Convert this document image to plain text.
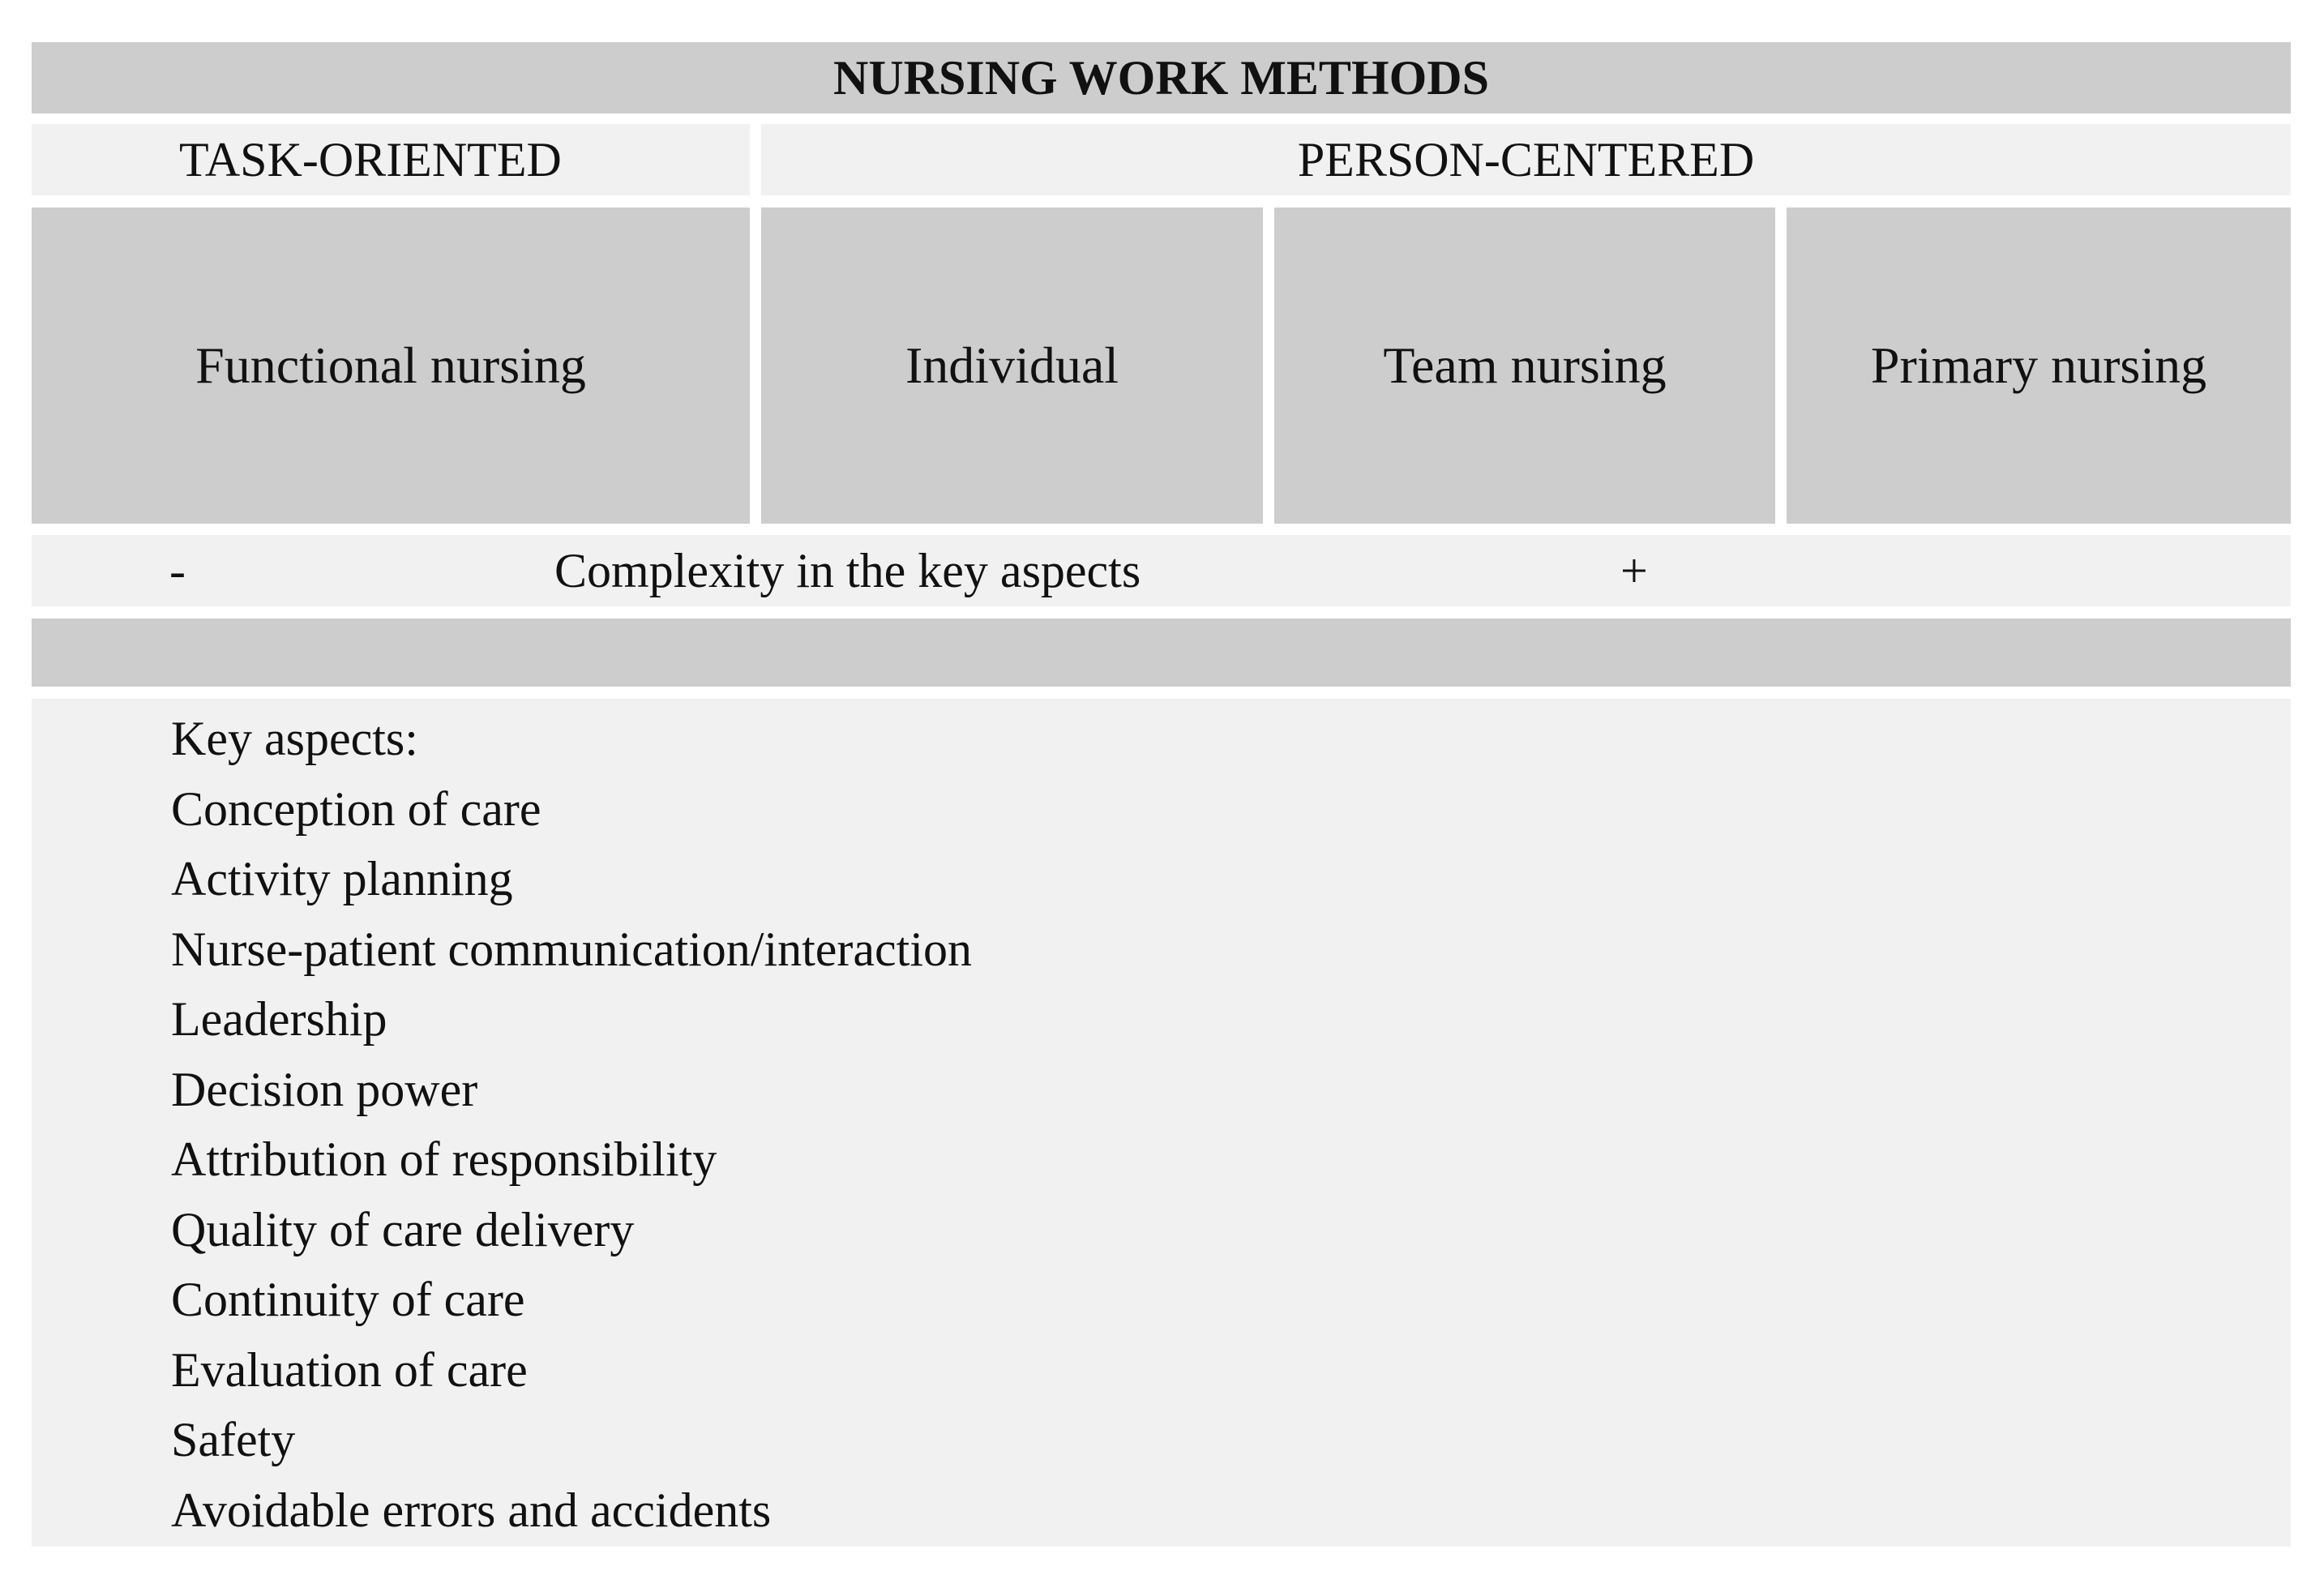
NURSING WORK METHODS
TASK-ORIENTED	PERSON-CENTERED
Functional nursing	Individual	Team nursing	Primary nursing
-	Complexity in the key aspects	+
Key aspects:
Conception of care
Activity planning
Nurse-patient communication/interaction
Leadership
Decision power
Attribution of responsibility
Quality of care delivery
Continuity of care
Evaluation of care
Safety
Avoidable errors and accidents
